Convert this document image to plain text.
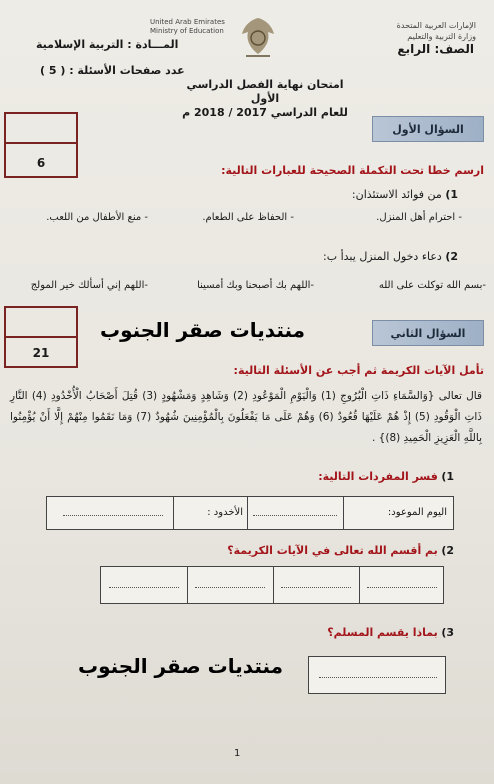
الإمارات العربية المتحدة
وزارة التربية والتعليم
United Arab Emirates
Ministry of Education
الصف: الرابع
المـــادة : التربية الإسلامية
عدد صفحات الأسئلة : ( 5 )
امتحان نهاية الفصل الدراسي الأول
للعام الدراسي 2017 / 2018 م
6
السؤال الأول
ارسم خطا تحت التكملة الصحيحة للعبارات التالية:
1) من فوائد الاستئذان:
- احترام أهل المنزل.
- الحفاظ على الطعام.
- منع الأطفال من اللعب.
2) دعاء دخول المنزل يبدأ ب:
-بسم الله توكلت على الله
-اللهم بك أصبحنا وبك أمسينا
-اللهم إني أسألك خير المولج
21
منتديات صقر الجنوب	السؤال الثاني
تأمل الآيات الكريمة ثم أجب عن الأسئلة التالية:
قال تعالى {وَالسَّمَاءِ ذَاتِ الْبُرُوجِ (1) وَالْيَوْمِ الْمَوْعُودِ (2) وَشَاهِدٍ وَمَشْهُودٍ (3) قُتِلَ أَصْحَابُ الْأُخْدُودِ (4) النَّارِ ذَاتِ الْوَقُودِ (5) إِذْ هُمْ عَلَيْهَا قُعُودٌ (6) وَهُمْ عَلَى مَا يَفْعَلُونَ بِالْمُؤْمِنِينَ شُهُودٌ (7) وَمَا نَقَمُوا مِنْهُمْ إِلَّا أَنْ يُؤْمِنُوا بِاللَّهِ الْعَزِيزِ الْحَمِيدِ (8)} .
1) فسر المفردات التالية:
اليوم الموعود:
الأخدود :
2) بم أقسم الله تعالى في الآيات الكريمة؟
3) بماذا يقسم المسلم؟
منتديات صقر الجنوب
1
